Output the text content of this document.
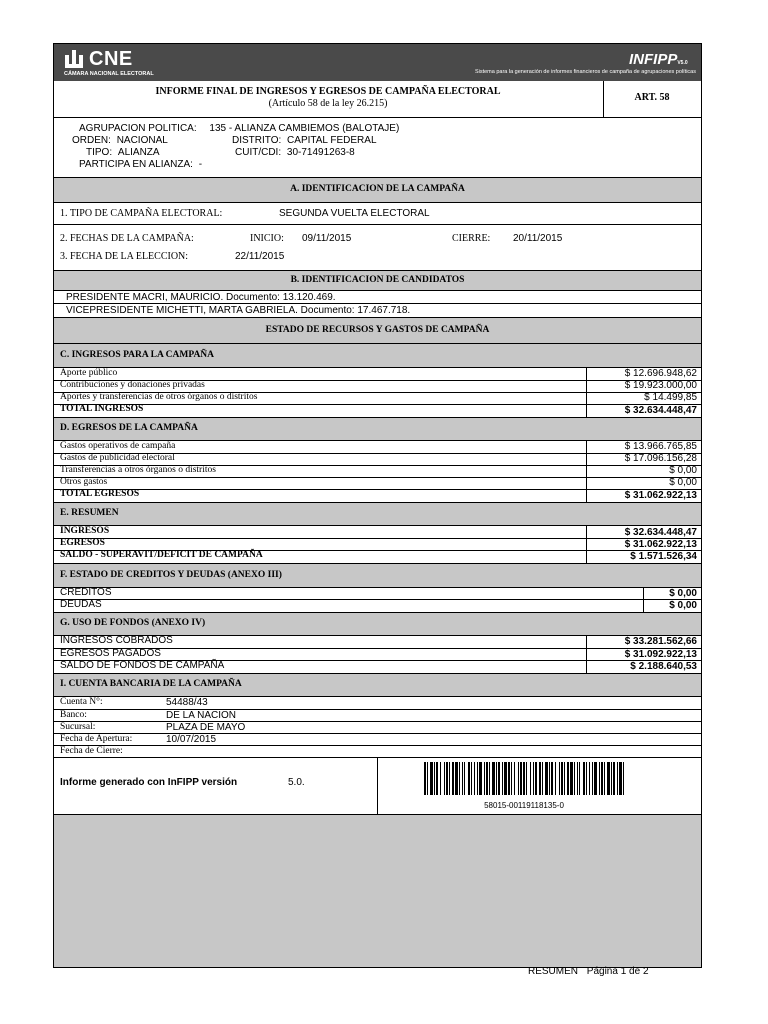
CNE
CÁMARA NACIONAL ELECTORAL
INFIPPV5.0
Sistema para la generación de informes financieros de campaña de agrupaciones políticas
INFORME FINAL DE INGRESOS Y EGRESOS DE CAMPAÑA ELECTORAL
(Artículo 58 de la ley 26.215)
ART. 58
AGRUPACION POLITICA: 135 - ALIANZA CAMBIEMOS (BALOTAJE)
ORDEN: NACIONAL	DISTRITO: CAPITAL FEDERAL
TIPO: ALIANZA	CUIT/CDI: 30-71491263-8
PARTICIPA EN ALIANZA: -
A. IDENTIFICACION DE LA CAMPAÑA
1. TIPO DE CAMPAÑA ELECTORAL:	SEGUNDA VUELTA ELECTORAL
2. FECHAS DE LA CAMPAÑA:	INICIO: 09/11/2015	CIERRE: 20/11/2015
3. FECHA DE LA ELECCION:	22/11/2015
B. IDENTIFICACION DE CANDIDATOS
PRESIDENTE MACRI, MAURICIO. Documento: 13.120.469.
VICEPRESIDENTE MICHETTI, MARTA GABRIELA. Documento: 17.467.718.
ESTADO DE RECURSOS Y GASTOS DE CAMPAÑA
C. INGRESOS PARA LA CAMPAÑA
Aporte público	$ 12.696.948,62
Contribuciones y donaciones privadas	$ 19.923.000,00
Aportes y transferencias de otros órganos o distritos	$ 14.499,85
TOTAL INGRESOS	$ 32.634.448,47
D. EGRESOS DE LA CAMPAÑA
Gastos operativos de campaña	$ 13.966.765,85
Gastos de publicidad electoral	$ 17.096.156,28
Transferencias a otros órganos o distritos	$ 0,00
Otros gastos	$ 0,00
TOTAL EGRESOS	$ 31.062.922,13
E. RESUMEN
INGRESOS	$ 32.634.448,47
EGRESOS	$ 31.062.922,13
SALDO - SUPERAVIT/DEFICIT DE CAMPAÑA	$ 1.571.526,34
F. ESTADO DE CREDITOS Y DEUDAS (ANEXO III)
CREDITOS	$ 0,00
DEUDAS	$ 0,00
G. USO DE FONDOS (ANEXO IV)
INGRESOS COBRADOS	$ 33.281.562,66
EGRESOS PAGADOS	$ 31.092.922,13
SALDO DE FONDOS DE CAMPAÑA	$ 2.188.640,53
I. CUENTA BANCARIA DE LA CAMPAÑA
Cuenta N°:	54488/43
Banco:	DE LA NACION
Sucursal:	PLAZA DE MAYO
Fecha de Apertura:	10/07/2015
Fecha de Cierre:
Informe generado con InFIPP versión	5.0.
58015-00119118135-0
RESUMEN Página 1 de 2
